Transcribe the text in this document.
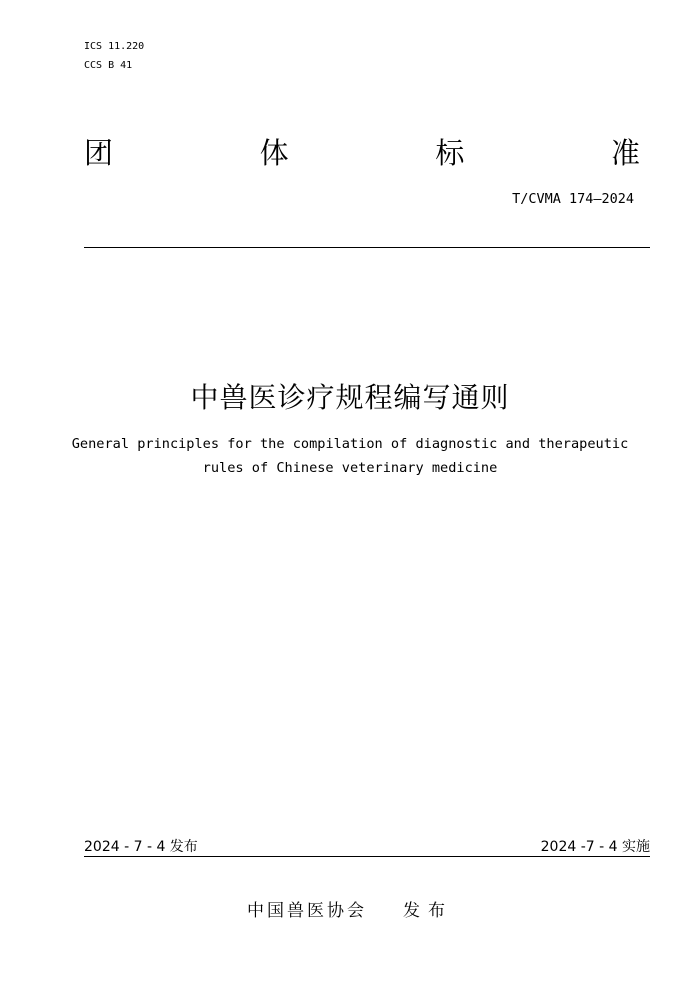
ICS 11.220
CCS B 41
团	体	标	准
T/CVMA 174—2024
中兽医诊疗规程编写通则
General principles for the compilation of diagnostic and therapeutic
rules of Chinese veterinary medicine
2024 - 7 - 4 发布	2024 -7 - 4 实施
中国兽医协会 发布
